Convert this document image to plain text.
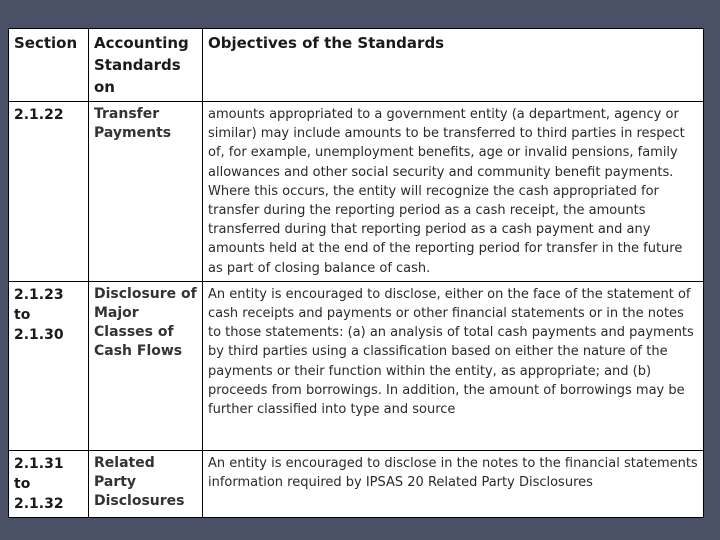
Section	Accounting Standards on	Objectives of the Standards
2.1.22	Transfer Payments	amounts appropriated to a government entity (a department, agency or similar) may include amounts to be transferred to third parties in respect of, for example, unemployment benefits, age or invalid pensions, family allowances and other social security and community benefit payments. Where this occurs, the entity will recognize the cash appropriated for transfer during the reporting period as a cash receipt, the amounts transferred during that reporting period as a cash payment and any amounts held at the end of the reporting period for transfer in the future as part of closing balance of cash.
2.1.23 to 2.1.30	Disclosure of Major Classes of Cash Flows	An entity is encouraged to disclose, either on the face of the statement of cash receipts and payments or other financial statements or in the notes to those statements: (a) an analysis of total cash payments and payments by third parties using a classification based on either the nature of the payments or their function within the entity, as appropriate; and (b) proceeds from borrowings. In addition, the amount of borrowings may be further classified into type and source
2.1.31 to 2.1.32	Related Party Disclosures	An entity is encouraged to disclose in the notes to the financial statements information required by IPSAS 20 Related Party Disclosures
